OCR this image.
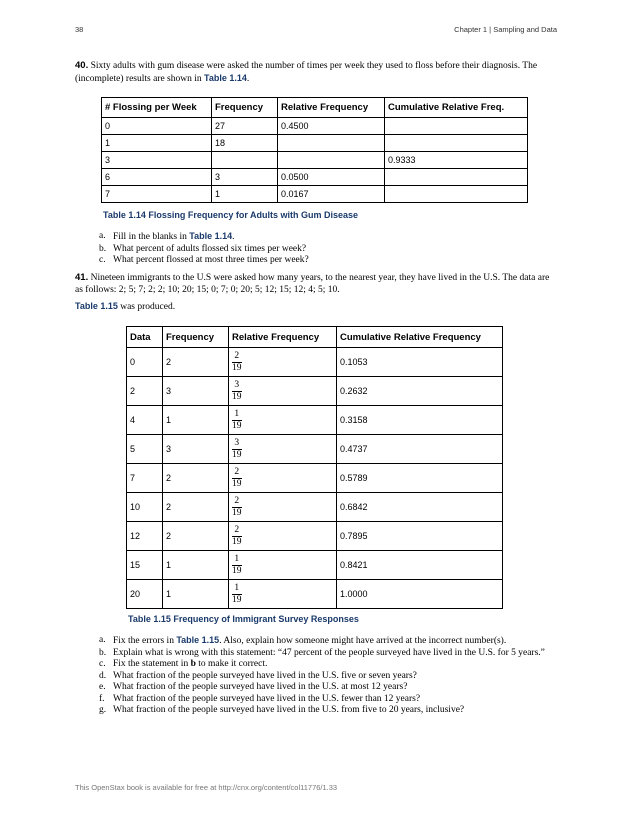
38	Chapter 1 | Sampling and Data
40. Sixty adults with gum disease were asked the number of times per week they used to floss before their diagnosis. The (incomplete) results are shown in Table 1.14.
# Flossing per Week	Frequency	Relative Frequency	Cumulative Relative Freq.
0	27	0.4500	
1	18		
3			0.9333
6	3	0.0500	
7	1	0.0167	
Table 1.14 Flossing Frequency for Adults with Gum Disease
a. Fill in the blanks in Table 1.14.
b. What percent of adults flossed six times per week?
c. What percent flossed at most three times per week?
41. Nineteen immigrants to the U.S were asked how many years, to the nearest year, they have lived in the U.S. The data are as follows: 2; 5; 7; 2; 2; 10; 20; 15; 0; 7; 0; 20; 5; 12; 15; 12; 4; 5; 10.
Table 1.15 was produced.
Data	Frequency	Relative Frequency	Cumulative Relative Frequency
0	2	$\frac{2}{19}$	0.1053
2	3	$\frac{3}{19}$	0.2632
4	1	$\frac{1}{19}$	0.3158
5	3	$\frac{3}{19}$	0.4737
7	2	$\frac{2}{19}$	0.5789
10	2	$\frac{2}{19}$	0.6842
12	2	$\frac{2}{19}$	0.7895
15	1	$\frac{1}{19}$	0.8421
20	1	$\frac{1}{19}$	1.0000
Table 1.15 Frequency of Immigrant Survey Responses
a. Fix the errors in Table 1.15. Also, explain how someone might have arrived at the incorrect number(s).
b. Explain what is wrong with this statement: “47 percent of the people surveyed have lived in the U.S. for 5 years.”
c. Fix the statement in b to make it correct.
d. What fraction of the people surveyed have lived in the U.S. five or seven years?
e. What fraction of the people surveyed have lived in the U.S. at most 12 years?
f. What fraction of the people surveyed have lived in the U.S. fewer than 12 years?
g. What fraction of the people surveyed have lived in the U.S. from five to 20 years, inclusive?
This OpenStax book is available for free at http://cnx.org/content/col11776/1.33
